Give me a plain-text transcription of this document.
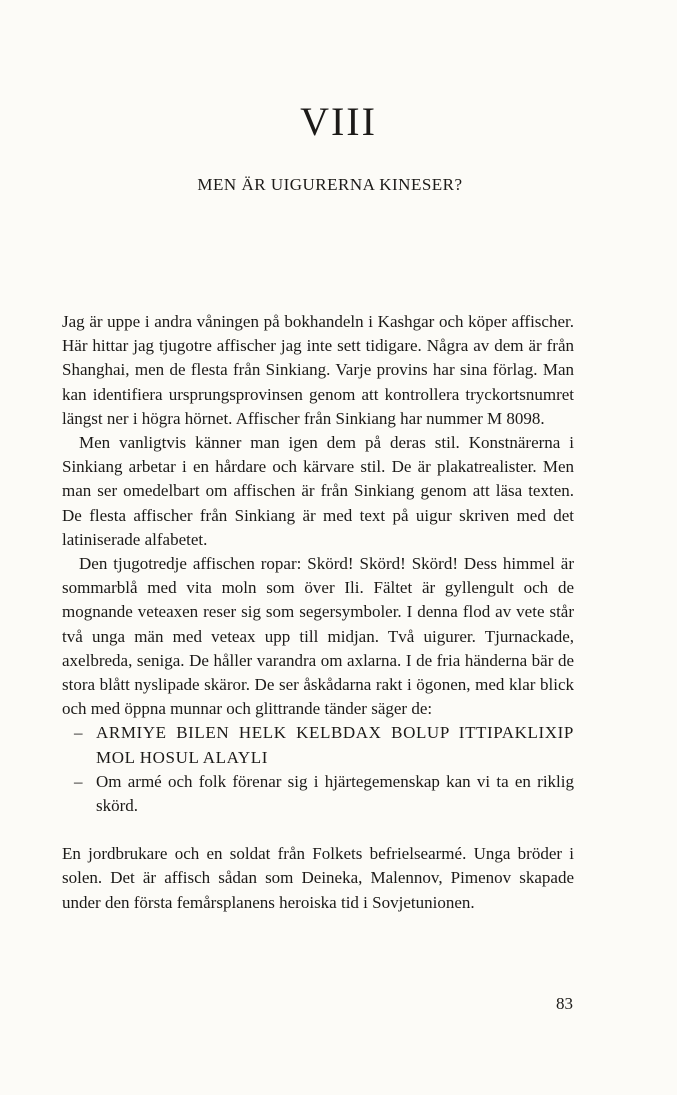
VIII
MEN ÄR UIGURERNA KINESER?

Jag är uppe i andra våningen på bokhandeln i Kashgar och köper affischer. Här hittar jag tjugotre affischer jag inte sett tidigare. Några av dem är från Shanghai, men de flesta från Sinkiang. Varje provins har sina förlag. Man kan identifiera ursprungsprovinsen genom att kontrollera tryckortsnumret längst ner i högra hörnet. Affischer från Sinkiang har nummer M 8098.

Men vanligtvis känner man igen dem på deras stil. Konstnärerna i Sinkiang arbetar i en hårdare och kärvare stil. De är plakatrealister. Men man ser omedelbart om affischen är från Sinkiang genom att läsa texten. De flesta affischer från Sinkiang är med text på uigur skriven med det latiniserade alfabetet.

Den tjugotredje affischen ropar: Skörd! Skörd! Skörd! Dess himmel är sommarblå med vita moln som över Ili. Fältet är gyllengult och de mognande veteaxen reser sig som segersymboler. I denna flod av vete står två unga män med veteax upp till midjan. Två uigurer. Tjurnackade, axelbreda, seniga. De håller varandra om axlarna. I de fria händerna bär de stora blått nyslipade skäror. De ser åskådarna rakt i ögonen, med klar blick och med öppna munnar och glittrande tänder säger de:

– ARMIYE BILEN HELK KELBDAX BOLUP ITTIPAKLIXIP MOL HOSUL ALAYLI

– Om armé och folk förenar sig i hjärtegemenskap kan vi ta en riklig skörd.

En jordbrukare och en soldat från Folkets befrielsearmé. Unga bröder i solen. Det är affisch sådan som Deineka, Malennov, Pimenov skapade under den första femårsplanens heroiska tid i Sovjetunionen.

83
